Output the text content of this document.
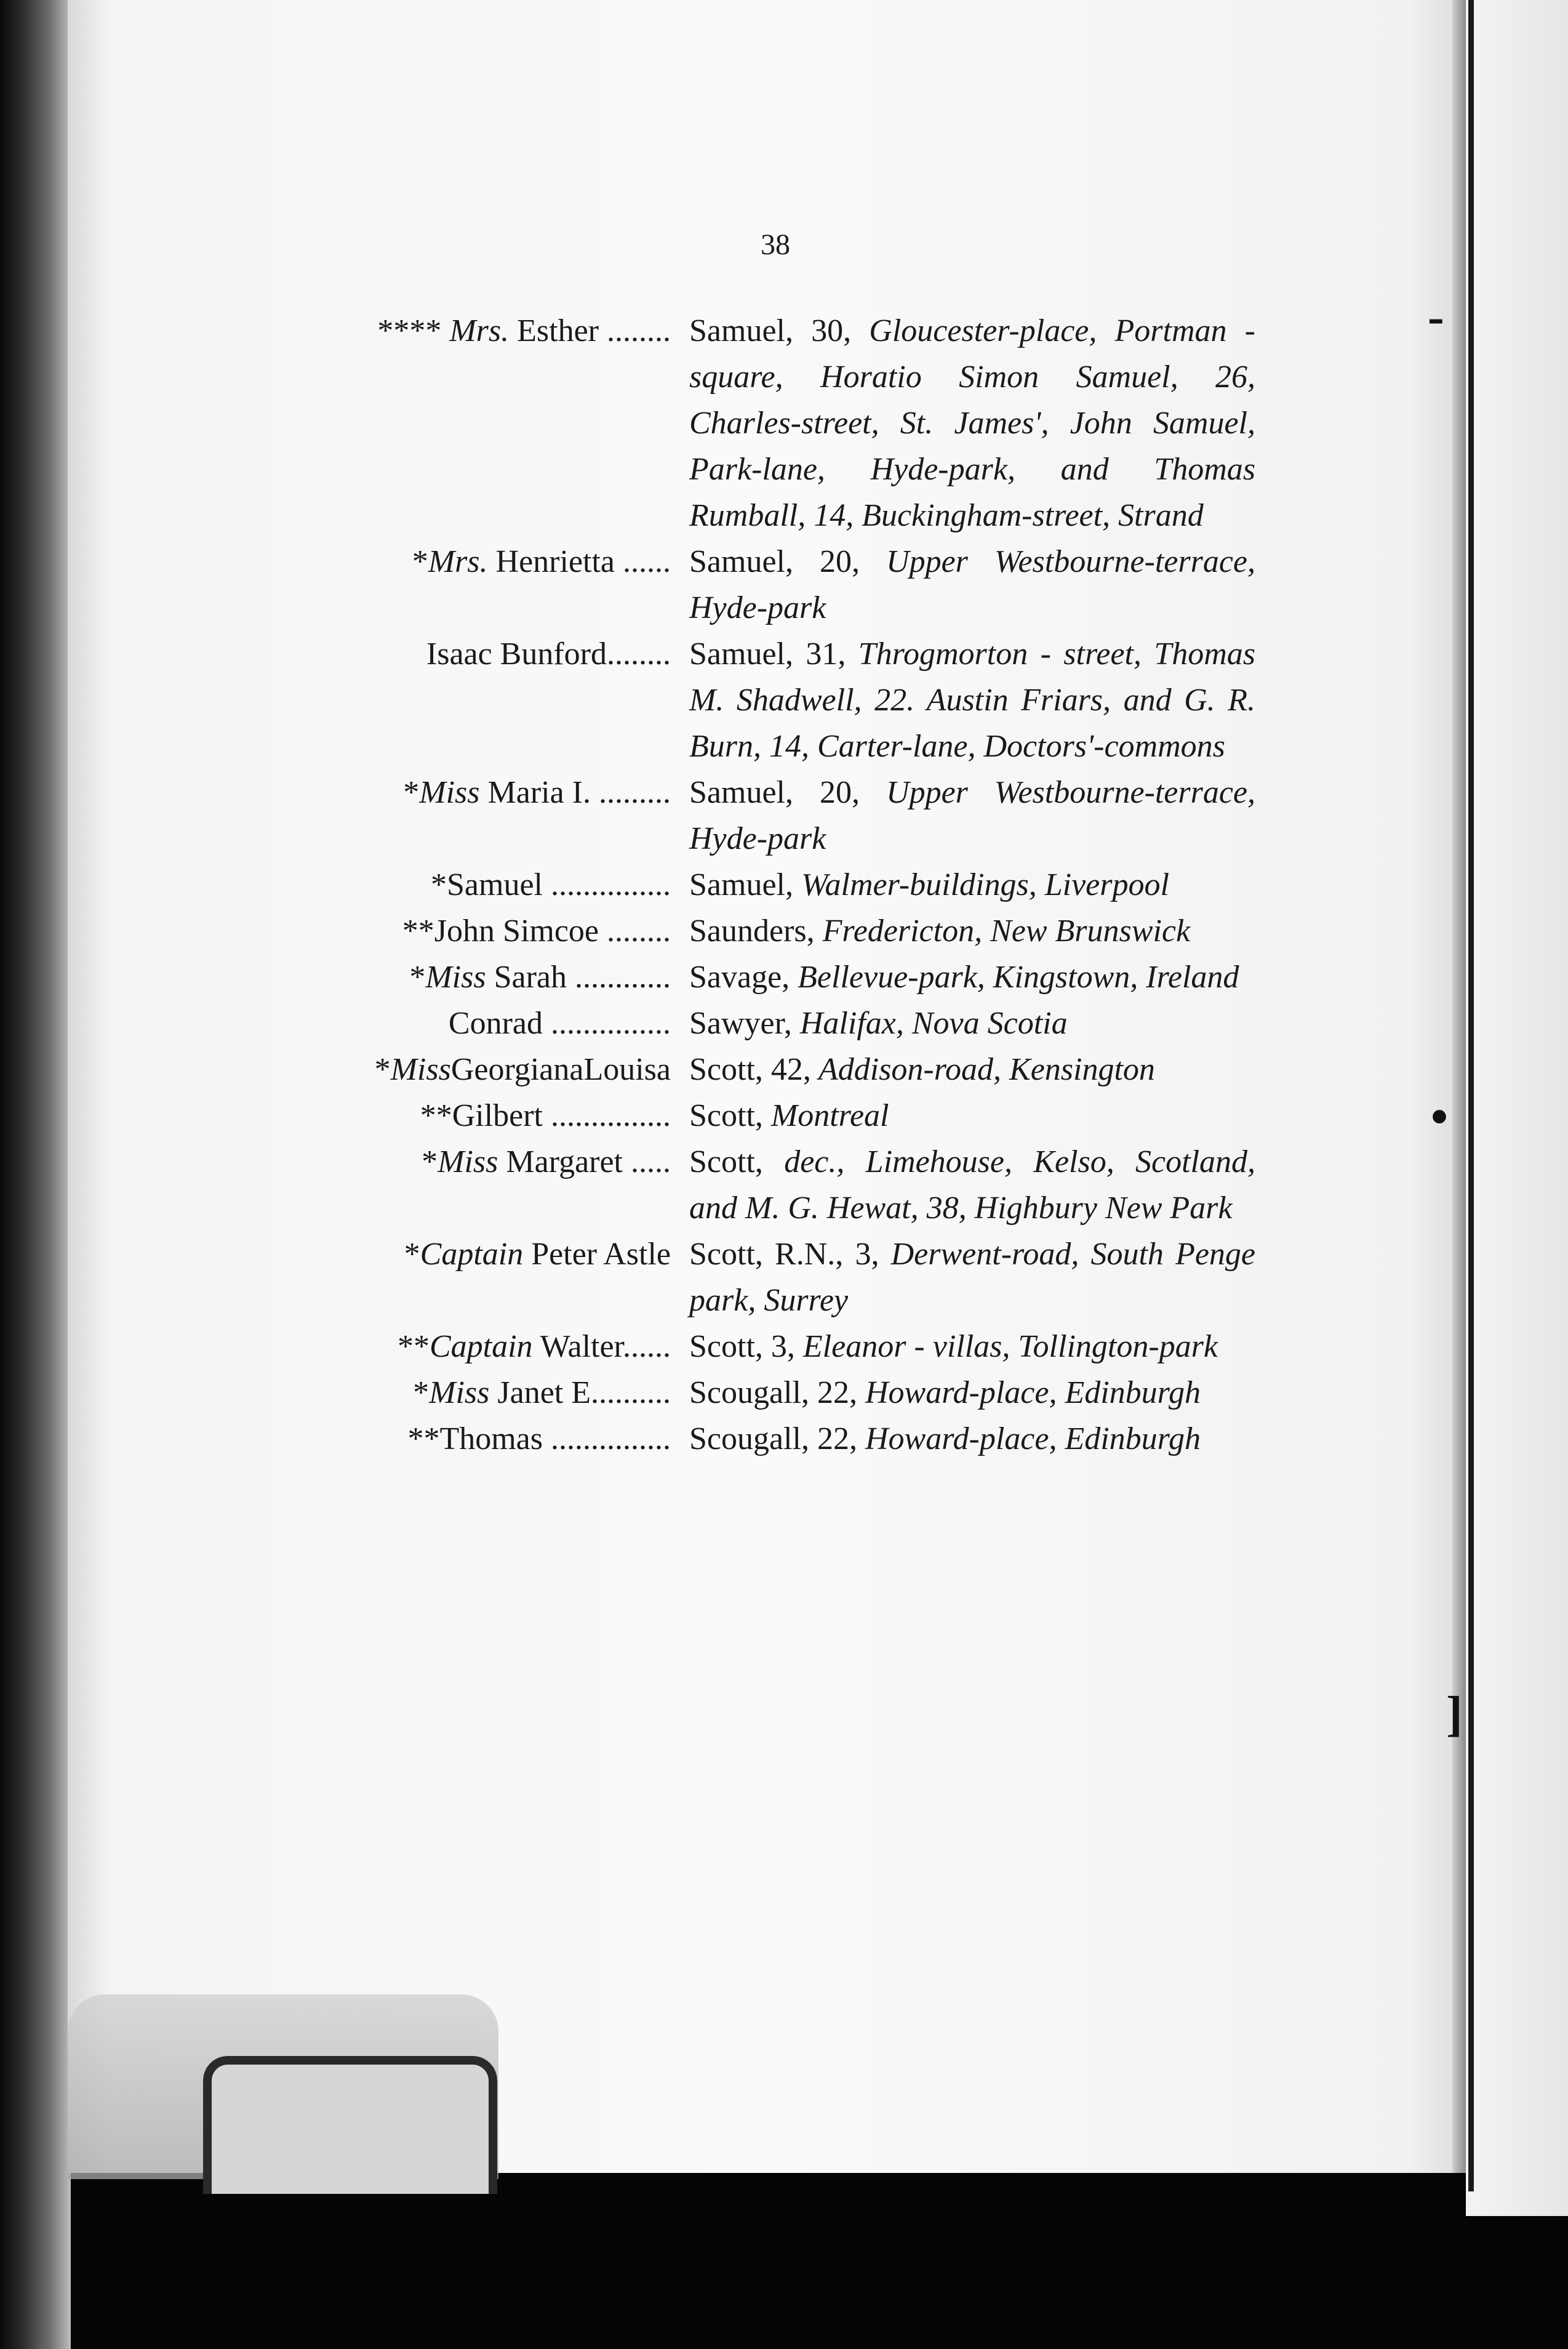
‐
•
]
38
**** Mrs. Esther ........ Samuel, 30, Gloucester-place, Portman - square, Horatio Simon Samuel, 26, Charles-street, St. James', John Samuel, Park-lane, Hyde-park, and Thomas Rumball, 14, Buckingham-street, Strand
*Mrs. Henrietta ...... Samuel, 20, Upper Westbourne-terrace, Hyde-park
Isaac Bunford........ Samuel, 31, Throgmorton - street, Thomas M. Shadwell, 22. Austin Friars, and G. R. Burn, 14, Carter-lane, Doctors'-commons
*Miss Maria I. ......... Samuel, 20, Upper Westbourne-terrace, Hyde-park
*Samuel ............... Samuel, Walmer-buildings, Liverpool
**John Simcoe ........ Saunders, Fredericton, New Brunswick
*Miss Sarah ............ Savage, Bellevue-park, Kingstown, Ireland
Conrad ............... Sawyer, Halifax, Nova Scotia
*MissGeorgianaLouisa Scott, 42, Addison-road, Kensington
**Gilbert ............... Scott, Montreal
*Miss Margaret ..... Scott, dec., Limehouse, Kelso, Scotland, and M. G. Hewat, 38, Highbury New Park
*Captain Peter Astle Scott, R.N., 3, Derwent-road, South Penge park, Surrey
**Captain Walter...... Scott, 3, Eleanor - villas, Tollington-park
*Miss Janet E.......... Scougall, 22, Howard-place, Edinburgh
**Thomas ............... Scougall, 22, Howard-place, Edinburgh
